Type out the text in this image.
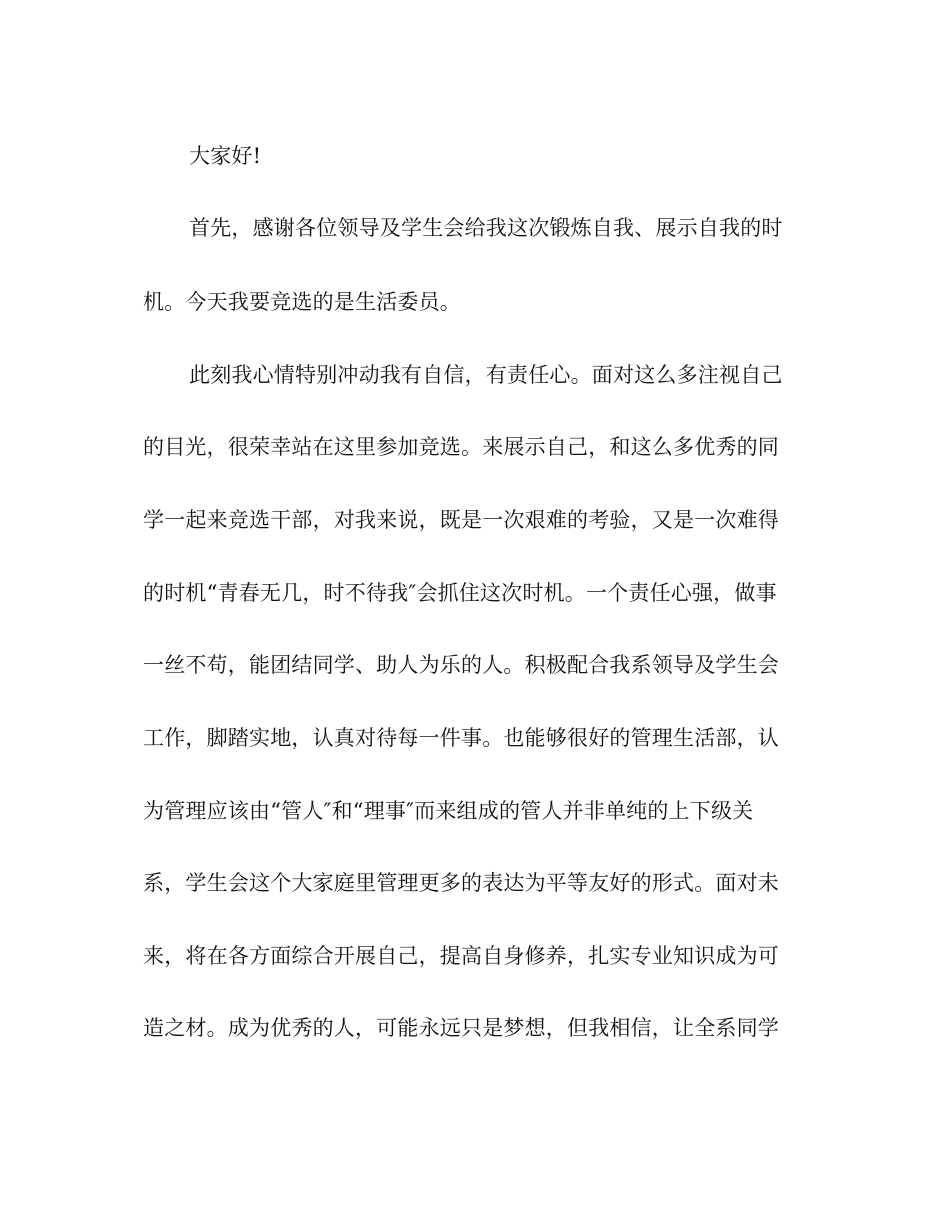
大家好!
首先，感谢各位领导及学生会给我这次锻炼自我、展示自我的时
机。今天我要竞选的是生活委员。
此刻我心情特别冲动我有自信，有责任心。面对这么多注视自己
的目光，很荣幸站在这里参加竞选。来展示自己，和这么多优秀的同
学一起来竞选干部，对我来说，既是一次艰难的考验，又是一次难得
的时机“青春无几，时不待我″会抓住这次时机。一个责任心强，做事
一丝不苟，能团结同学、助人为乐的人。积极配合我系领导及学生会
工作，脚踏实地，认真对待每一件事。也能够很好的管理生活部，认
为管理应该由“管人″和“理事″而来组成的管人并非单纯的上下级关
系，学生会这个大家庭里管理更多的表达为平等友好的形式。面对未
来，将在各方面综合开展自己，提高自身修养，扎实专业知识成为可
造之材。成为优秀的人，可能永远只是梦想，但我相信，让全系同学
